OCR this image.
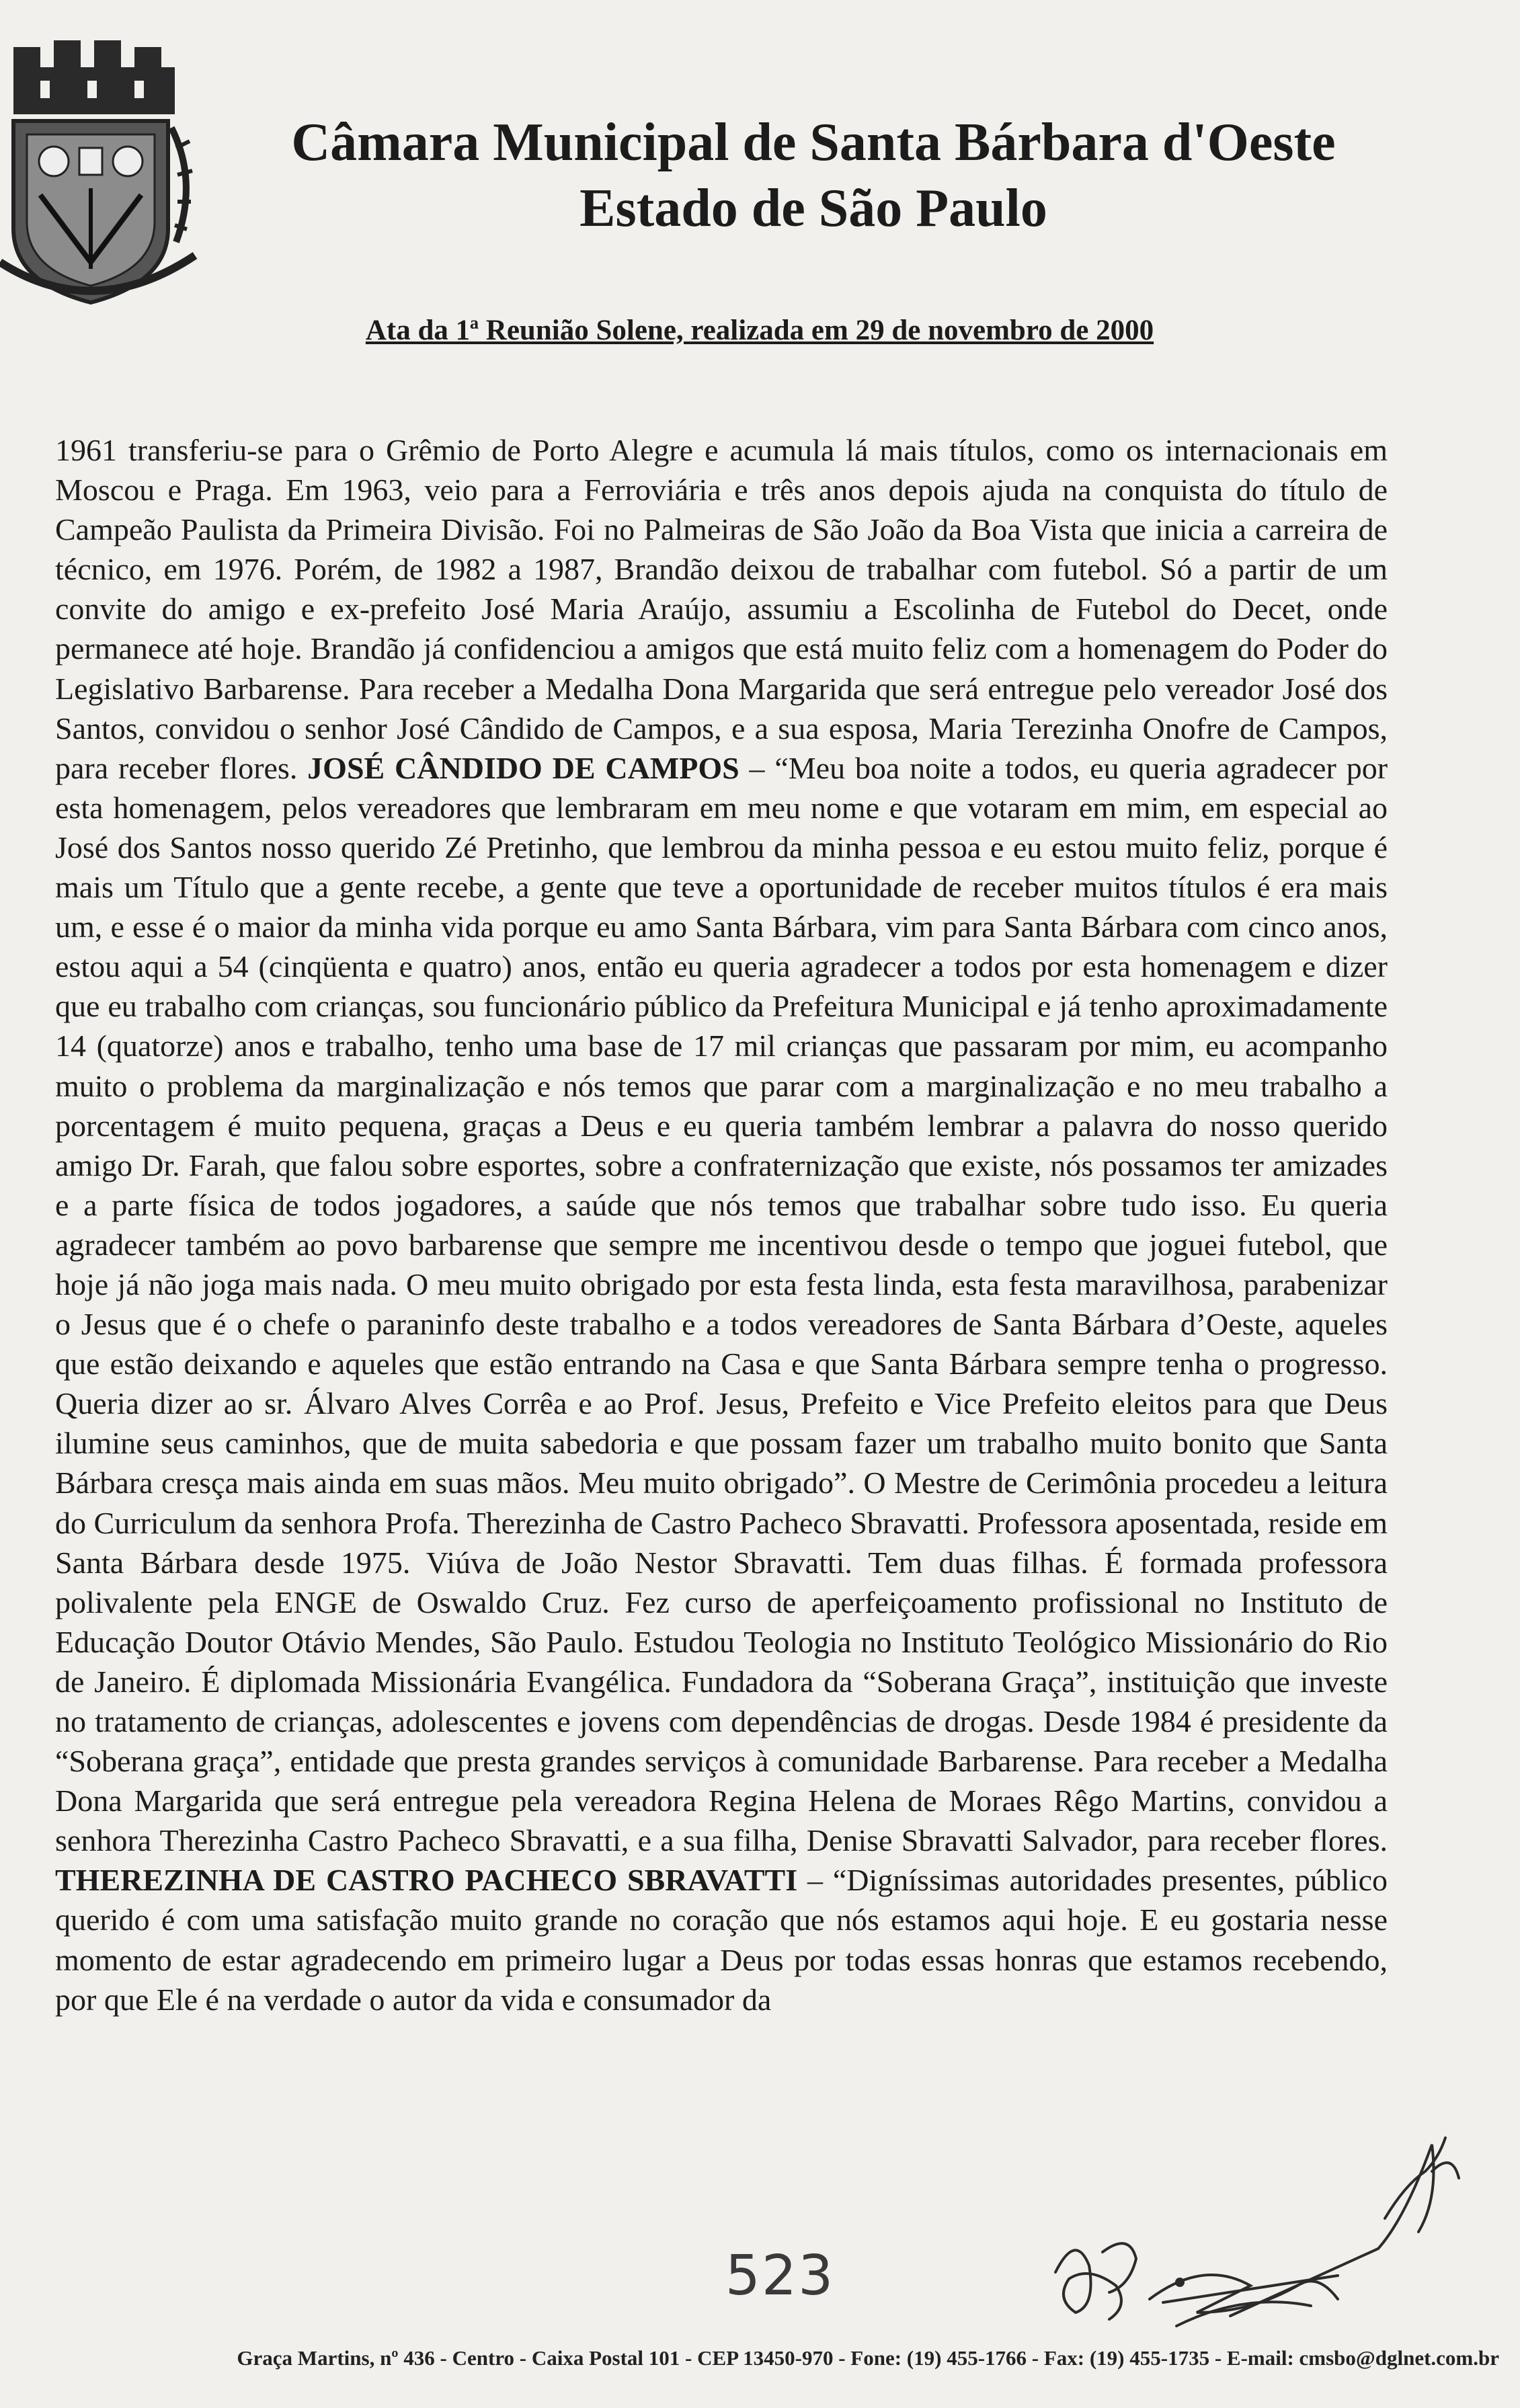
Câmara Municipal de Santa Bárbara d'Oeste
Estado de São Paulo
Ata da 1ª Reunião Solene, realizada em 29 de novembro de 2000

1961 transferiu-se para o Grêmio de Porto Alegre e acumula lá mais títulos, como os internacionais em Moscou e Praga. Em 1963, veio para a Ferroviária e três anos depois ajuda na conquista do título de Campeão Paulista da Primeira Divisão. Foi no Palmeiras de São João da Boa Vista que inicia a carreira de técnico, em 1976. Porém, de 1982 a 1987, Brandão deixou de trabalhar com futebol. Só a partir de um convite do amigo e ex-prefeito José Maria Araújo, assumiu a Escolinha de Futebol do Decet, onde permanece até hoje. Brandão já confidenciou a amigos que está muito feliz com a homenagem do Poder do Legislativo Barbarense. Para receber a Medalha Dona Margarida que será entregue pelo vereador José dos Santos, convidou o senhor José Cândido de Campos, e a sua esposa, Maria Terezinha Onofre de Campos, para receber flores. JOSÉ CÂNDIDO DE CAMPOS – “Meu boa noite a todos, eu queria agradecer por esta homenagem, pelos vereadores que lembraram em meu nome e que votaram em mim, em especial ao José dos Santos nosso querido Zé Pretinho, que lembrou da minha pessoa e eu estou muito feliz, porque é mais um Título que a gente recebe, a gente que teve a oportunidade de receber muitos títulos é era mais um, e esse é o maior da minha vida porque eu amo Santa Bárbara, vim para Santa Bárbara com cinco anos, estou aqui a 54 (cinqüenta e quatro) anos, então eu queria agradecer a todos por esta homenagem e dizer que eu trabalho com crianças, sou funcionário público da Prefeitura Municipal e já tenho aproximadamente 14 (quatorze) anos e trabalho, tenho uma base de 17 mil crianças que passaram por mim, eu acompanho muito o problema da marginalização e nós temos que parar com a marginalização e no meu trabalho a porcentagem é muito pequena, graças a Deus e eu queria também lembrar a palavra do nosso querido amigo Dr. Farah, que falou sobre esportes, sobre a confraternização que existe, nós possamos ter amizades e a parte física de todos jogadores, a saúde que nós temos que trabalhar sobre tudo isso. Eu queria agradecer também ao povo barbarense que sempre me incentivou desde o tempo que joguei futebol, que hoje já não joga mais nada. O meu muito obrigado por esta festa linda, esta festa maravilhosa, parabenizar o Jesus que é o chefe o paraninfo deste trabalho e a todos vereadores de Santa Bárbara d’Oeste, aqueles que estão deixando e aqueles que estão entrando na Casa e que Santa Bárbara sempre tenha o progresso. Queria dizer ao sr. Álvaro Alves Corrêa e ao Prof. Jesus, Prefeito e Vice Prefeito eleitos para que Deus ilumine seus caminhos, que de muita sabedoria e que possam fazer um trabalho muito bonito que Santa Bárbara cresça mais ainda em suas mãos. Meu muito obrigado”. O Mestre de Cerimônia procedeu a leitura do Curriculum da senhora Profa. Therezinha de Castro Pacheco Sbravatti. Professora aposentada, reside em Santa Bárbara desde 1975. Viúva de João Nestor Sbravatti. Tem duas filhas. É formada professora polivalente pela ENGE de Oswaldo Cruz. Fez curso de aperfeiçoamento profissional no Instituto de Educação Doutor Otávio Mendes, São Paulo. Estudou Teologia no Instituto Teológico Missionário do Rio de Janeiro. É diplomada Missionária Evangélica. Fundadora da “Soberana Graça”, instituição que investe no tratamento de crianças, adolescentes e jovens com dependências de drogas. Desde 1984 é presidente da “Soberana graça”, entidade que presta grandes serviços à comunidade Barbarense. Para receber a Medalha Dona Margarida que será entregue pela vereadora Regina Helena de Moraes Rêgo Martins, convidou a senhora Therezinha Castro Pacheco Sbravatti, e a sua filha, Denise Sbravatti Salvador, para receber flores. THEREZINHA DE CASTRO PACHECO SBRAVATTI – “Digníssimas autoridades presentes, público querido é com uma satisfação muito grande no coração que nós estamos aqui hoje. E eu gostaria nesse momento de estar agradecendo em primeiro lugar a Deus por todas essas honras que estamos recebendo, por que Ele é na verdade o autor da vida e consumador da

523
Graça Martins, nº 436 - Centro - Caixa Postal 101 - CEP 13450-970 - Fone: (19) 455-1766 - Fax: (19) 455-1735 - E-mail: cmsbo@dglnet.com.br
